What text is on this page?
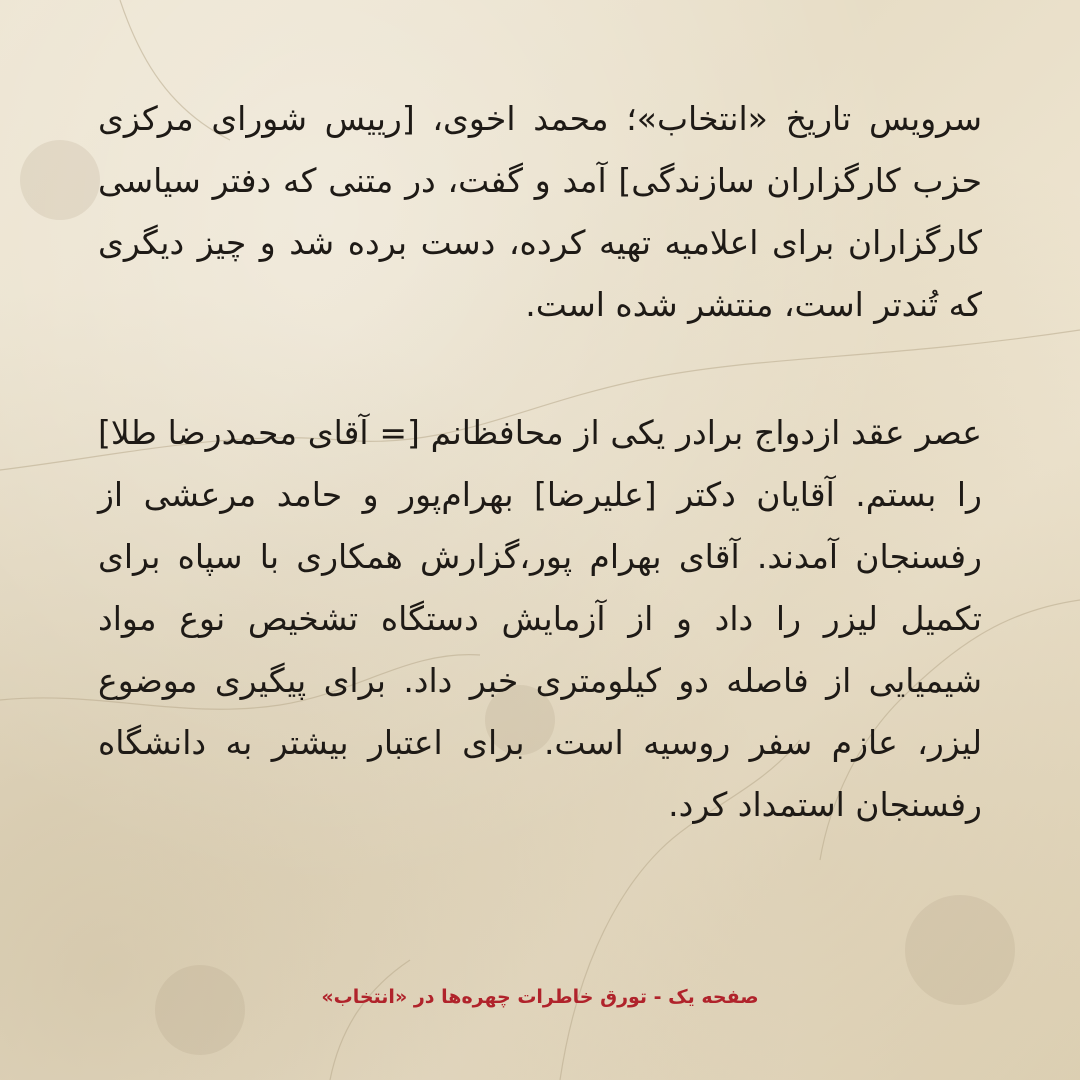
سرویس تاریخ «انتخاب»؛ محمد اخوی، [رییس شورای مرکزی حزب کارگزاران سازندگی] آمد و گفت، در متنی که دفتر سیاسی کارگزاران برای اعلامیه تهیه کرده، دست برده شد و چیز دیگری که تُندتر است، منتشر شده است.

عصر عقد ازدواج برادر یکی از محافظانم [= آقای محمدرضا طلا] را بستم. آقایان دکتر [علیرضا] بهرام‌پور و حامد مرعشی از رفسنجان آمدند. آقای بهرام پور،گزارش همکاری با سپاه برای تکمیل لیزر را داد و از آزمایش دستگاه تشخیص نوع مواد شیمیایی از فاصله دو کیلومتری خبر داد. برای پیگیری موضوع لیزر، عازم سفر روسیه است. برای اعتبار بیشتر به دانشگاه رفسنجان استمداد کرد.

صفحه یک - تورق خاطرات چهره‌ها در «انتخاب»
